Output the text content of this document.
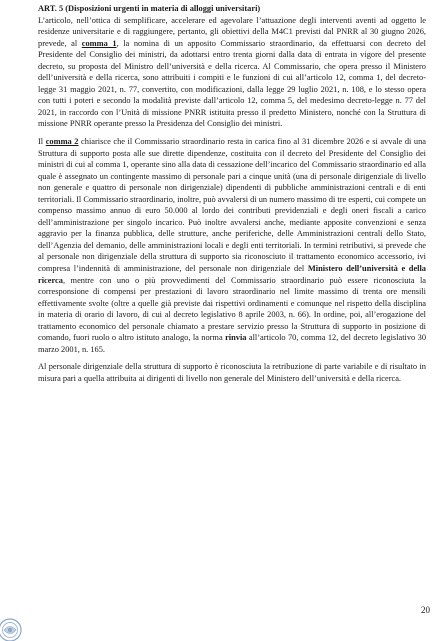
ART. 5 (Disposizioni urgenti in materia di alloggi universitari)

L’articolo, nell’ottica di semplificare, accelerare ed agevolare l’attuazione degli interventi aventi ad oggetto le residenze universitarie e di raggiungere, pertanto, gli obiettivi della M4C1 previsti dal PNRR al 30 giugno 2026, prevede, al comma 1, la nomina di un apposito Commissario straordinario, da effettuarsi con decreto del Presidente del Consiglio dei ministri, da adottarsi entro trenta giorni dalla data di entrata in vigore del presente decreto, su proposta del Ministro dell’università e della ricerca. Al Commissario, che opera presso il Ministero dell’università e della ricerca, sono attribuiti i compiti e le funzioni di cui all’articolo 12, comma 1, del decreto-legge 31 maggio 2021, n. 77, convertito, con modificazioni, dalla legge 29 luglio 2021, n. 108, e lo stesso opera con tutti i poteri e secondo la modalità previste dall’articolo 12, comma 5, del medesimo decreto-legge n. 77 del 2021, in raccordo con l’Unità di missione PNRR istituita presso il predetto Ministero, nonché con la Struttura di missione PNRR operante presso la Presidenza del Consiglio dei ministri.

Il comma 2 chiarisce che il Commissario straordinario resta in carica fino al 31 dicembre 2026 e si avvale di una Struttura di supporto posta alle sue dirette dipendenze, costituita con il decreto del Presidente del Consiglio dei ministri di cui al comma 1, operante sino alla data di cessazione dell’incarico del Commissario straordinario ed alla quale è assegnato un contingente massimo di personale pari a cinque unità (una di personale dirigenziale di livello non generale e quattro di personale non dirigenziale) dipendenti di pubbliche amministrazioni centrali e di enti territoriali. Il Commissario straordinario, inoltre, può avvalersi di un numero massimo di tre esperti, cui compete un compenso massimo annuo di euro 50.000 al lordo dei contributi previdenziali e degli oneri fiscali a carico dell’amministrazione per singolo incarico. Può inoltre avvalersi anche, mediante apposite convenzioni e senza aggravio per la finanza pubblica, delle strutture, anche periferiche, delle Amministrazioni centrali dello Stato, dell’Agenzia del demanio, delle amministrazioni locali e degli enti territoriali. In termini retributivi, si prevede che al personale non dirigenziale della struttura di supporto sia riconosciuto il trattamento economico accessorio, ivi compresa l’indennità di amministrazione, del personale non dirigenziale del Ministero dell’università e della ricerca, mentre con uno o più provvedimenti del Commissario straordinario può essere riconosciuta la corresponsione di compensi per prestazioni di lavoro straordinario nel limite massimo di trenta ore mensili effettivamente svolte (oltre a quelle già previste dai rispettivi ordinamenti e comunque nel rispetto della disciplina in materia di orario di lavoro, di cui al decreto legislativo 8 aprile 2003, n. 66). In ordine, poi, all’erogazione del trattamento economico del personale chiamato a prestare servizio presso la Struttura di supporto in posizione di comando, fuori ruolo o altro istituto analogo, la norma rinvia all’articolo 70, comma 12, del decreto legislativo 30 marzo 2001, n. 165.

Al personale dirigenziale della struttura di supporto è riconosciuta la retribuzione di parte variabile e di risultato in misura pari a quella attribuita ai dirigenti di livello non generale del Ministero dell’università e della ricerca.

20
